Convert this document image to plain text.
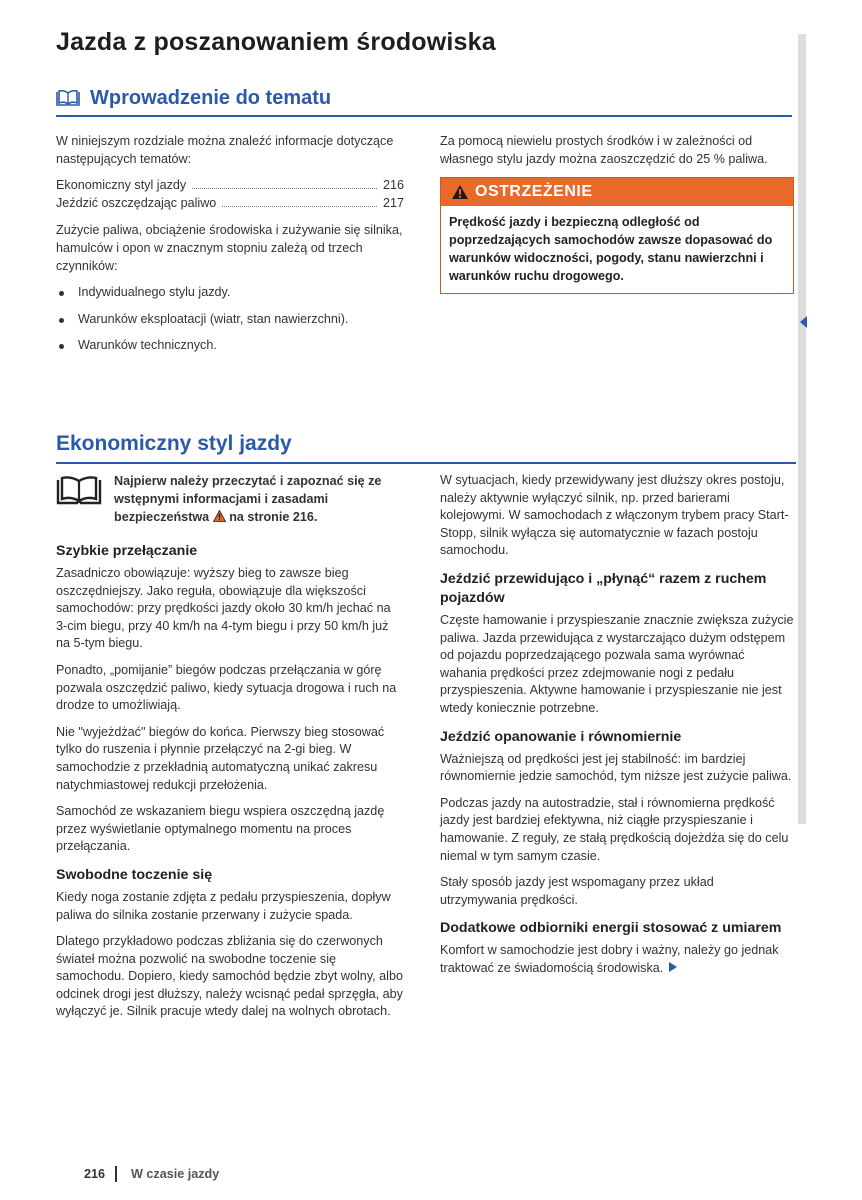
Jazda z poszanowaniem środowiska
Wprowadzenie do tematu

W niniejszym rozdziale można znaleźć informacje dotyczące następujących tematów:

Ekonomiczny styl jazdy	216
Jeździć oszczędzając paliwo	217

Zużycie paliwa, obciążenie środowiska i zużywanie się silnika, hamulców i opon w znacznym stopniu zależą od trzech czynników:

Indywidualnego stylu jazdy.
Warunków eksploatacji (wiatr, stan nawierzchni).
Warunków technicznych.

Za pomocą niewielu prostych środków i w zależności od własnego stylu jazdy można zaoszczędzić do 25 % paliwa.

OSTRZEŻENIE
Prędkość jazdy i bezpieczną odległość od poprzedzających samochodów zawsze dopasować do warunków widoczności, pogody, stanu nawierzchni i warunków ruchu drogowego.
Ekonomiczny styl jazdy
Najpierw należy przeczytać i zapoznać się ze wstępnymi informacjami i zasadami bezpieczeństwa na stronie 216.
Szybkie przełączanie

Zasadniczo obowiązuje: wyższy bieg to zawsze bieg oszczędniejszy. Jako reguła, obowiązuje dla większości samochodów: przy prędkości jazdy około 30 km/h jechać na 3-cim biegu, przy 40 km/h na 4-tym biegu i przy 50 km/h już na 5-tym biegu.

Ponadto, „pomijanie” biegów podczas przełączania w górę pozwala oszczędzić paliwo, kiedy sytuacja drogowa i ruch na drodze to umożliwiają.

Nie "wyjeżdżać" biegów do końca. Pierwszy bieg stosować tylko do ruszenia i płynnie przełączyć na 2-gi bieg. W samochodzie z przekładnią automatyczną unikać zakresu natychmiastowej redukcji przełożenia.

Samochód ze wskazaniem biegu wspiera oszczędną jazdę przez wyświetlanie optymalnego momentu na proces przełączania.

Swobodne toczenie się

Kiedy noga zostanie zdjęta z pedału przyspieszenia, dopływ paliwa do silnika zostanie przerwany i zużycie spada.

Dlatego przykładowo podczas zbliżania się do czerwonych świateł można pozwolić na swobodne toczenie się samochodu. Dopiero, kiedy samochód będzie zbyt wolny, albo odcinek drogi jest dłuższy, należy wcisnąć pedał sprzęgła, aby wyłączyć je. Silnik pracuje wtedy dalej na wolnych obrotach.

W sytuacjach, kiedy przewidywany jest dłuższy okres postoju, należy aktywnie wyłączyć silnik, np. przed barierami kolejowymi. W samochodach z włączonym trybem pracy Start-Stopp, silnik wyłącza się automatycznie w fazach postoju samochodu.

Jeździć przewidująco i „płynąć“ razem z ruchem pojazdów

Częste hamowanie i przyspieszanie znacznie zwiększa zużycie paliwa. Jazda przewidująca z wystarczająco dużym odstępem od pojazdu poprzedzającego pozwala sama wyrównać wahania prędkości przez zdejmowanie nogi z pedału przyspieszenia. Aktywne hamowanie i przyspieszanie nie jest wtedy koniecznie potrzebne.

Jeździć opanowanie i równomiernie

Ważniejszą od prędkości jest jej stabilność: im bardziej równomiernie jedzie samochód, tym niższe jest zużycie paliwa.

Podczas jazdy na autostradzie, stał i równomierna prędkość jazdy jest bardziej efektywna, niż ciągłe przyspieszanie i hamowanie. Z reguły, ze stałą prędkością dojeżdża się do celu niemal w tym samym czasie.

Stały sposób jazdy jest wspomagany przez układ utrzymywania prędkości.

Dodatkowe odbiorniki energii stosować z umiarem

Komfort w samochodzie jest dobry i ważny, należy go jednak traktować ze świadomością środowiska.

216 W czasie jazdy
